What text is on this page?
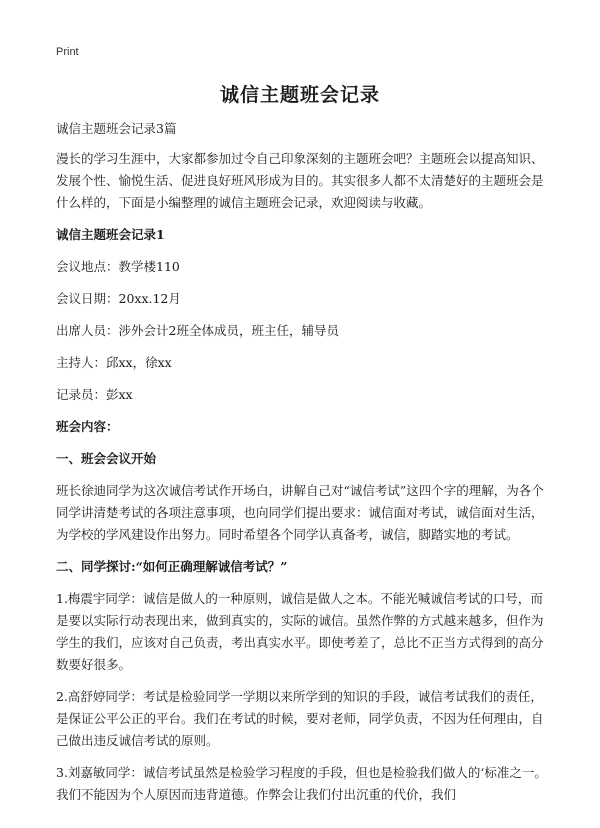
Print
诚信主题班会记录

诚信主题班会记录3篇

漫长的学习生涯中，大家都参加过令自己印象深刻的主题班会吧？主题班会以提高知识、发展个性、愉悦生活、促进良好班风形成为目的。其实很多人都不太清楚好的主题班会是什么样的，下面是小编整理的诚信主题班会记录，欢迎阅读与收藏。

诚信主题班会记录1

会议地点：教学楼110

会议日期：20xx.12月

出席人员：涉外会计2班全体成员，班主任，辅导员

主持人：邱xx，徐xx

记录员：彭xx

班会内容：

一、班会会议开始

班长徐迪同学为这次诚信考试作开场白，讲解自己对“诚信考试”这四个字的理解，为各个同学讲清楚考试的各项注意事项，也向同学们提出要求：诚信面对考试，诚信面对生活，为学校的学风建设作出努力。同时希望各个同学认真备考，诚信，脚踏实地的考试。

二、同学探讨:“如何正确理解诚信考试？”

1.梅震宇同学：诚信是做人的一种原则，诚信是做人之本。不能光喊诚信考试的口号，而是要以实际行动表现出来，做到真实的，实际的诚信。虽然作弊的方式越来越多，但作为学生的我们，应该对自己负责，考出真实水平。即使考差了，总比不正当方式得到的高分数要好很多。

2.高舒婷同学：考试是检验同学一学期以来所学到的知识的手段，诚信考试我们的责任，是保证公平公正的平台。我们在考试的时候，要对老师，同学负责，不因为任何理由，自己做出违反诚信考试的原则。

3.刘嘉敏同学：诚信考试虽然是检验学习程度的手段，但也是检验我们做人的‘标准之一。我们不能因为个人原因而违背道德。作弊会让我们付出沉重的代价，我们
